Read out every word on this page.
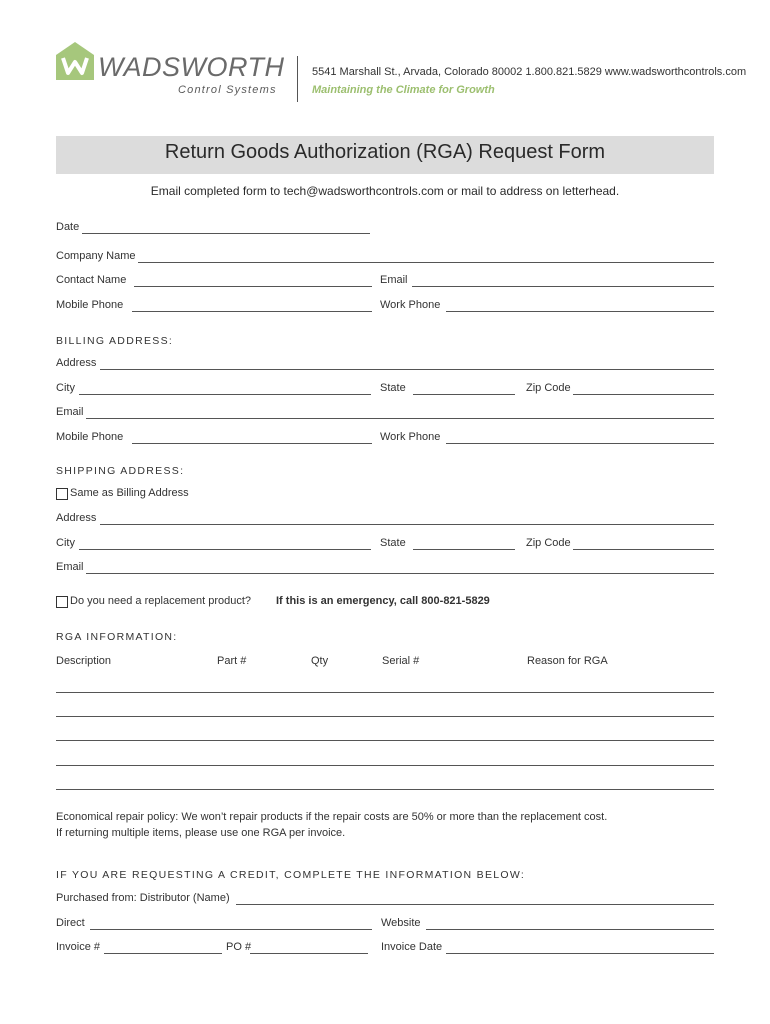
WADSWORTH
Control Systems
5541 Marshall St., Arvada, Colorado 80002 1.800.821.5829 www.wadsworthcontrols.com
Maintaining the Climate for Growth
Return Goods Authorization (RGA) Request Form
Email completed form to tech@wadsworthcontrols.com or mail to address on letterhead.
Date
Company Name
Contact Name	Email
Mobile Phone	Work Phone
BILLING ADDRESS:
Address
City	State	Zip Code
Email
Mobile Phone	Work Phone
SHIPPING ADDRESS:
Same as Billing Address
Address
City	State	Zip Code
Email
Do you need a replacement product? If this is an emergency, call 800-821-5829
RGA INFORMATION:
Description	Part #	Qty	Serial #	Reason for RGA
Economical repair policy: We won’t repair products if the repair costs are 50% or more than the replacement cost.
If returning multiple items, please use one RGA per invoice.
IF YOU ARE REQUESTING A CREDIT, COMPLETE THE INFORMATION BELOW:
Purchased from: Distributor (Name)
Direct	Website
Invoice #	PO #	Invoice Date
